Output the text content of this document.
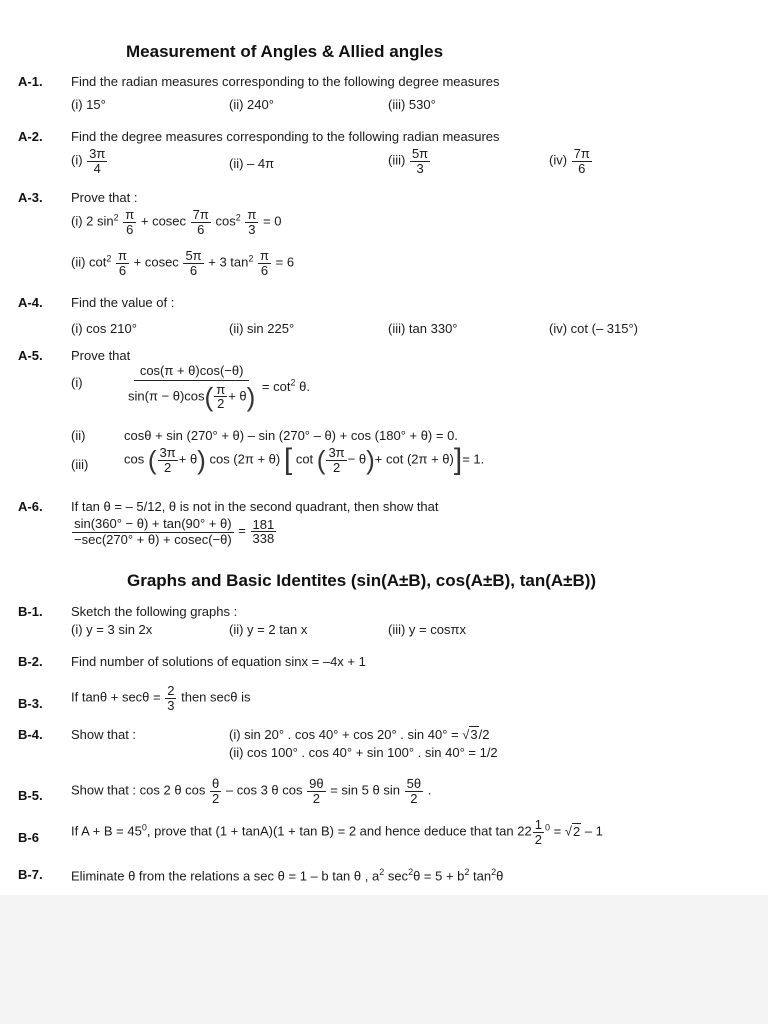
Measurement of Angles & Allied angles
A-1. Find the radian measures corresponding to the following degree measures
(i) 15°	(ii) 240°	(iii) 530°
A-2. Find the degree measures corresponding to the following radian measures
$(i) \frac{3\pi}{4}$	(ii) – 4π	$(iii) \frac{5\pi}{3}$	$(iv) \frac{7\pi}{6}$
A-3. Prove that :
(i) 2 $\sin^2 \frac{\pi}{6} + cosec \frac{7\pi}{6} \cos^2 \frac{\pi}{3} = 0$
(ii) $\cot^2 \frac{\pi}{6} + cosec \frac{5\pi}{6} + 3$ $\tan^2 \frac{\pi}{6} = 6$
A-4. Find the value of :
(i) cos 210°	(ii) sin 225°	(iii) tan 330°	(iv) cot (– 315°)
A-5. Prove that
(i)	$\frac{\cos(\pi + \theta)\cos(-\theta)}{\sin(\pi - \theta)\cos( \frac{\pi}{2} + \theta)} = \cot^2 \theta$.
(ii)	cosθ + sin (270° + θ) – sin (270° – θ) + cos (180° + θ) = 0.
(iii)	cos ( $\frac{3\pi}{2} + \theta$) cos (2π + θ) [ cot ( $\frac{3\pi}{2} - \theta)+ \cot (2\pi + \theta)]= 1$.
A-6. If tan θ = – 5/12, θ is not in the second quadrant, then show that
$\frac{\sin(360^\circ - \theta) + \tan(90^\circ + \theta)}{-\sec(270^\circ + \theta) + cosec(-\theta)} = \frac{181}{338}$
Graphs and Basic Identites (sin(A±B), cos(A±B), tan(A±B))
B-1. Sketch the following graphs :
(i) y = 3 sin 2x	(ii) y = 2 tan x	(iii) y = cosπx
B-2. Find number of solutions of equation sinx = –4x + 1
B-3. If $\tan\theta + \sec\theta = \frac{2}{3}$ then secθ is
B-4. Show that :	(i) sin 20° . cos 40° + cos 20° . sin 40° = √3/2
(ii) cos 100° . cos 40° + sin 100° . sin 40° = 1/2
B-5. Show that : cos 2 θ $\cos \frac{\theta}{2}$ – cos 3 θ $\cos \frac{9\theta}{2} = \sin 5$ θ $\sin \frac{5\theta}{2}$ .
B-6 If $A + B = 45^0$, prove that (1 + tanA)(1 + tan B) = 2 and hence deduce that $\tan 22 \frac{1}{2} ^0 = √2 - 1$
B-7. Eliminate θ from the relations a sec θ = 1 – b tan θ , $a^2$ $\sec^2\theta = 5 + b^2$ $\tan^2\theta$
